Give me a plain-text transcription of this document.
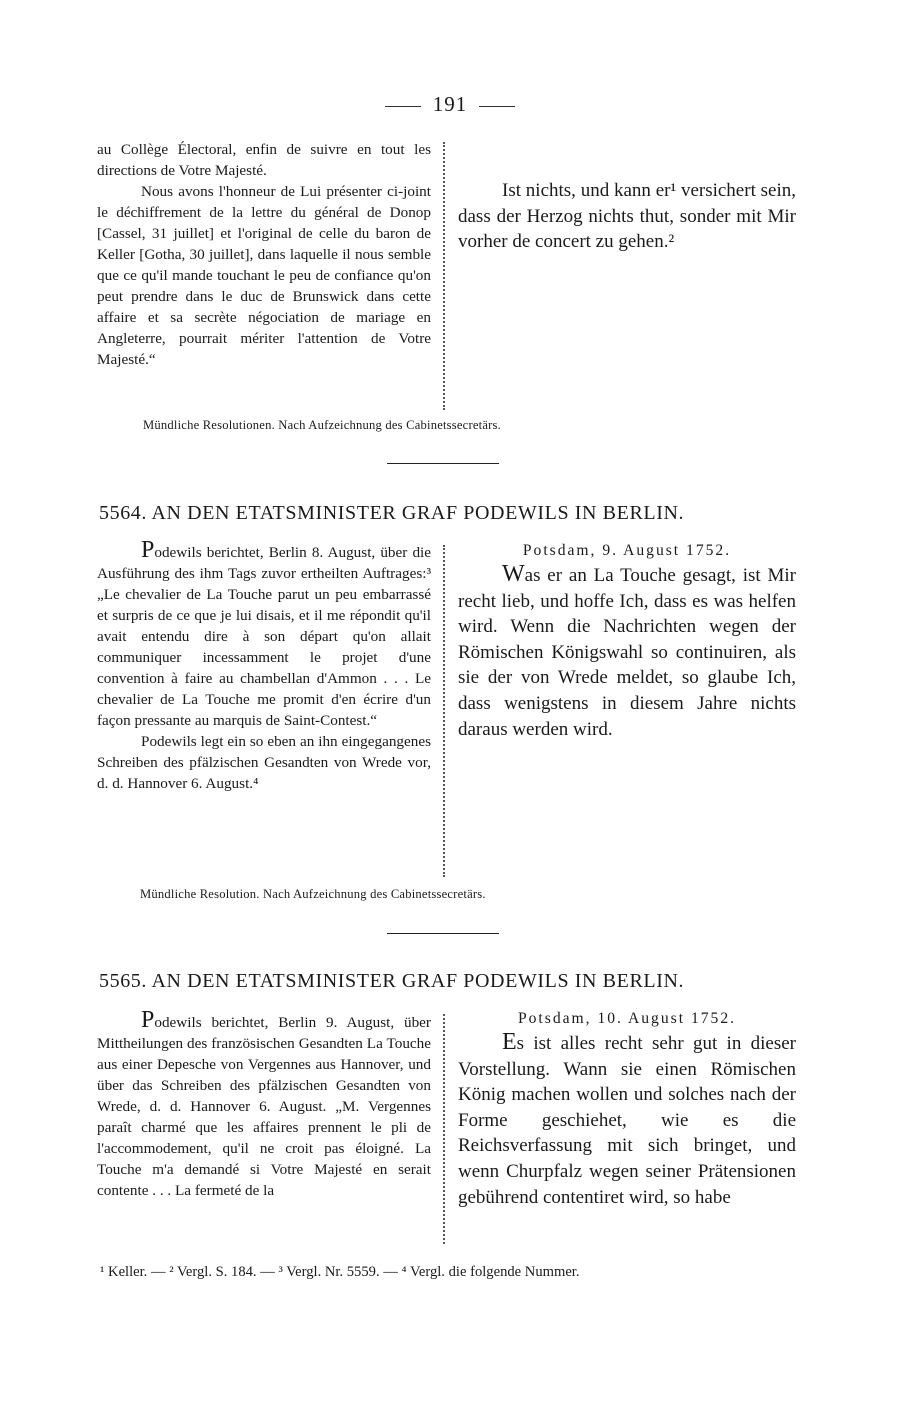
191

au Collège Électoral, enfin de suivre en tout les directions de Votre Majesté.

Nous avons l'honneur de Lui présenter ci-joint le déchiffrement de la lettre du général de Donop [Cassel, 31 juillet] et l'original de celle du baron de Keller [Gotha, 30 juillet], dans laquelle il nous semble que ce qu'il mande touchant le peu de confiance qu'on peut prendre dans le duc de Brunswick dans cette affaire et sa secrète négociation de mariage en Angleterre, pourrait mériter l'attention de Votre Majesté.“

Ist nichts, und kann er¹ versichert sein, dass der Herzog nichts thut, sonder mit Mir vorher de concert zu gehen.²

Mündliche Resolutionen. Nach Aufzeichnung des Cabinetssecretärs.
5564. AN DEN ETATSMINISTER GRAF PODEWILS IN BERLIN.

Podewils berichtet, Berlin 8. August, über die Ausführung des ihm Tags zuvor ertheilten Auftrages:³ „Le chevalier de La Touche parut un peu embarrassé et surpris de ce que je lui disais, et il me répondit qu'il avait entendu dire à son départ qu'on allait communiquer incessamment le projet d'une convention à faire au chambellan d'Ammon . . . Le chevalier de La Touche me promit d'en écrire d'un façon pressante au marquis de Saint-Contest.“

Podewils legt ein so eben an ihn eingegangenes Schreiben des pfälzischen Gesandten von Wrede vor, d. d. Hannover 6. August.⁴

Potsdam, 9. August 1752.

Was er an La Touche gesagt, ist Mir recht lieb, und hoffe Ich, dass es was helfen wird. Wenn die Nachrichten wegen der Römischen Königswahl so continuiren, als sie der von Wrede meldet, so glaube Ich, dass wenigstens in diesem Jahre nichts daraus werden wird.

Mündliche Resolution. Nach Aufzeichnung des Cabinetssecretärs.
5565. AN DEN ETATSMINISTER GRAF PODEWILS IN BERLIN.

Podewils berichtet, Berlin 9. August, über Mittheilungen des französischen Gesandten La Touche aus einer Depesche von Vergennes aus Hannover, und über das Schreiben des pfälzischen Gesandten von Wrede, d. d. Hannover 6. August. „M. Vergennes paraît charmé que les affaires prennent le pli de l'accommodement, qu'il ne croit pas éloigné. La Touche m'a demandé si Votre Majesté en serait contente . . . La fermeté de la

Potsdam, 10. August 1752.

Es ist alles recht sehr gut in dieser Vorstellung. Wann sie einen Römischen König machen wollen und solches nach der Forme geschiehet, wie es die Reichsverfassung mit sich bringet, und wenn Churpfalz wegen seiner Prätensionen gebührend contentiret wird, so habe

¹ Keller. — ² Vergl. S. 184. — ³ Vergl. Nr. 5559. — ⁴ Vergl. die folgende Nummer.
